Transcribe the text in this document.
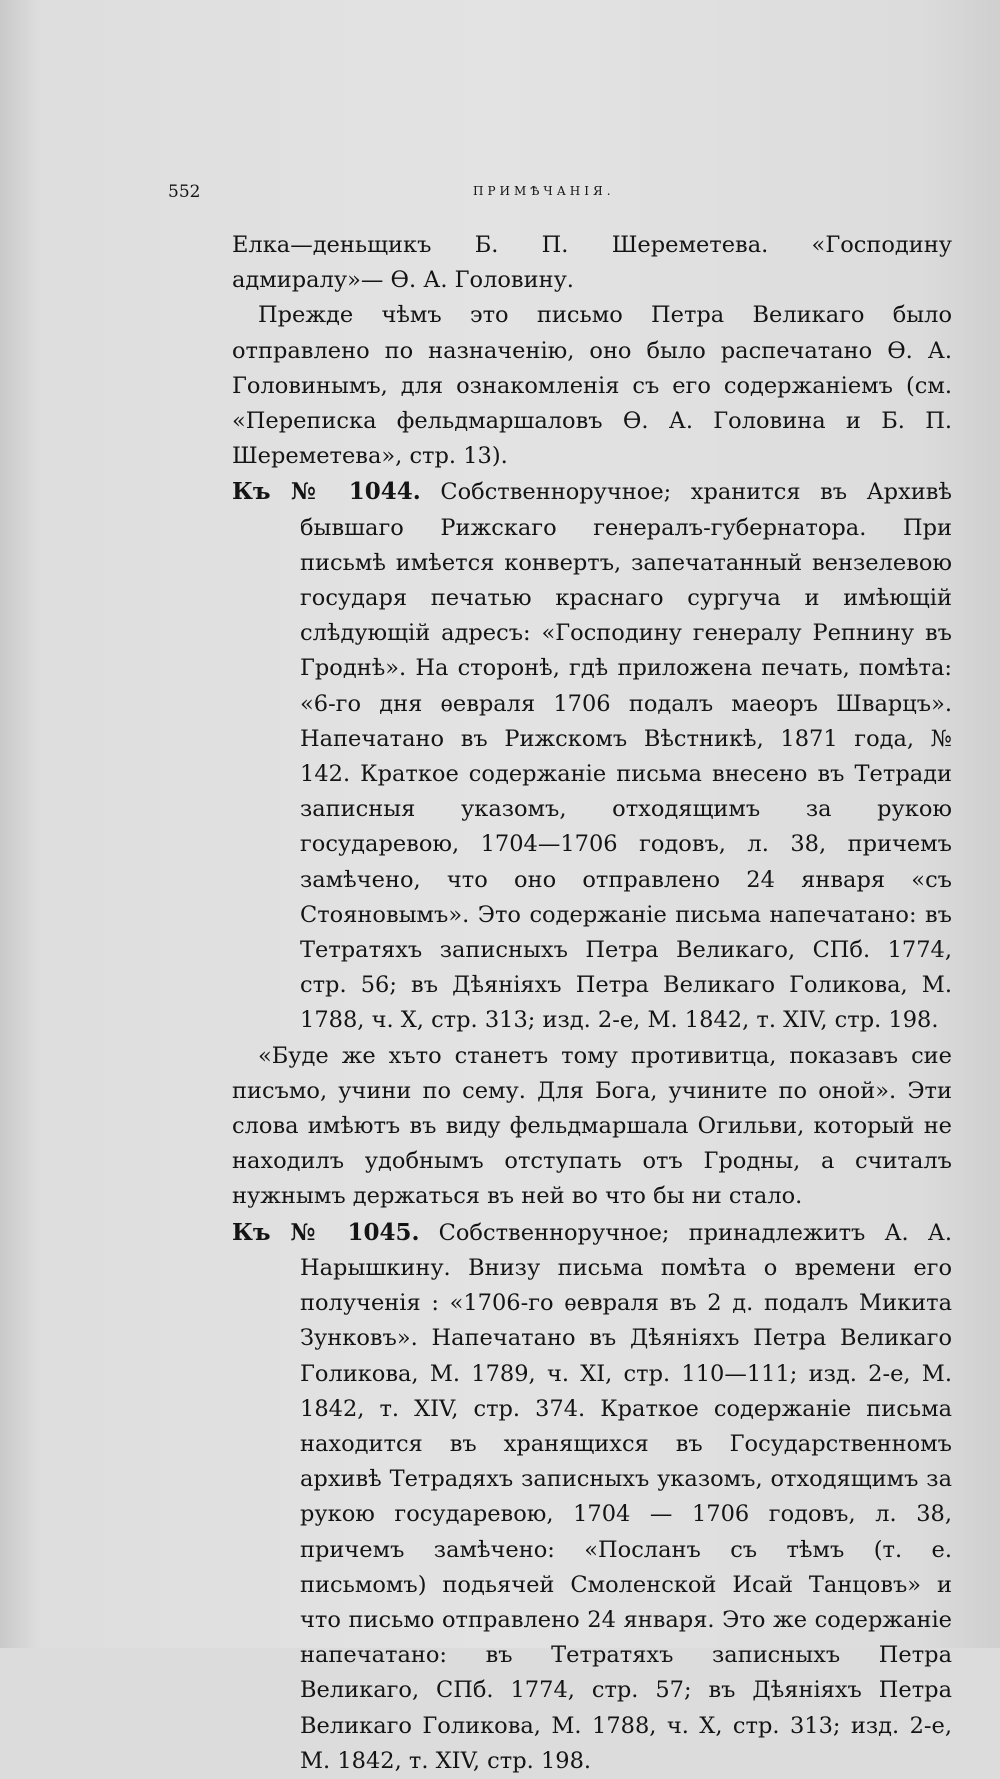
552	ПРИМѢЧАНІЯ.

Елка—деньщикъ Б. П. Шереметева. «Господину адмиралу»— Ѳ. А. Головину.

Прежде чѣмъ это письмо Петра Великаго было отправлено по назначенію, оно было распечатано Ѳ. А. Головинымъ, для ознакомленія съ его содержаніемъ (см. «Переписка фельдмаршаловъ Ѳ. А. Головина и Б. П. Шереметева», стр. 13).

Къ № 1044. Собственноручное; хранится въ Архивѣ бывшаго Рижскаго генералъ-губернатора. При письмѣ имѣется конвертъ, запечатанный вензелевою государя печатью краснаго сургуча и имѣющій слѣдующій адресъ: «Господину генералу Репнину въ Гроднѣ». На сторонѣ, гдѣ приложена печать, помѣта: «6-го дня ѳевраля 1706 подалъ маеоръ Шварцъ». Напечатано въ Рижскомъ Вѣстникѣ, 1871 года, № 142. Краткое содержаніе письма внесено въ Тетради записныя указомъ, отходящимъ за рукою государевою, 1704—1706 годовъ, л. 38, причемъ замѣчено, что оно отправлено 24 января «съ Стояновымъ». Это содержаніе письма напечатано: въ Тетратяхъ записныхъ Петра Великаго, СПб. 1774, стр. 56; въ Дѣяніяхъ Петра Великаго Голикова, М. 1788, ч. X, стр. 313; изд. 2-е, М. 1842, т. XIV, стр. 198.

«Буде же хъто станетъ тому противитца, показавъ сие писъмо, учини по сему. Для Бога, учините по оной». Эти слова имѣютъ въ виду фельдмаршала Огильви, который не находилъ удобнымъ отступать отъ Гродны, а считалъ нужнымъ держаться въ ней во что бы ни стало.

Къ № 1045. Собственноручное; принадлежитъ А. А. Нарышкину. Внизу письма помѣта о времени его полученія : «1706-го ѳевраля въ 2 д. подалъ Микита Зунковъ». Напечатано въ Дѣяніяхъ Петра Великаго Голикова, М. 1789, ч. XI, стр. 110—111; изд. 2-е, М. 1842, т. XIV, стр. 374. Краткое содержаніе письма находится въ хранящихся въ Государственномъ архивѣ Тетрадяхъ записныхъ указомъ, отходящимъ за рукою государевою, 1704 — 1706 годовъ, л. 38, причемъ замѣчено: «Посланъ съ тѣмъ (т. е. письмомъ) подьячей Смоленской Исай Танцовъ» и что письмо отправлено 24 января. Это же содержаніе напечатано: въ Тетратяхъ записныхъ Петра Великаго, СПб. 1774, стр. 57; въ Дѣяніяхъ Петра Великаго Голикова, М. 1788, ч. X, стр. 313; изд. 2-е, М. 1842, т. XIV, стр. 198.
